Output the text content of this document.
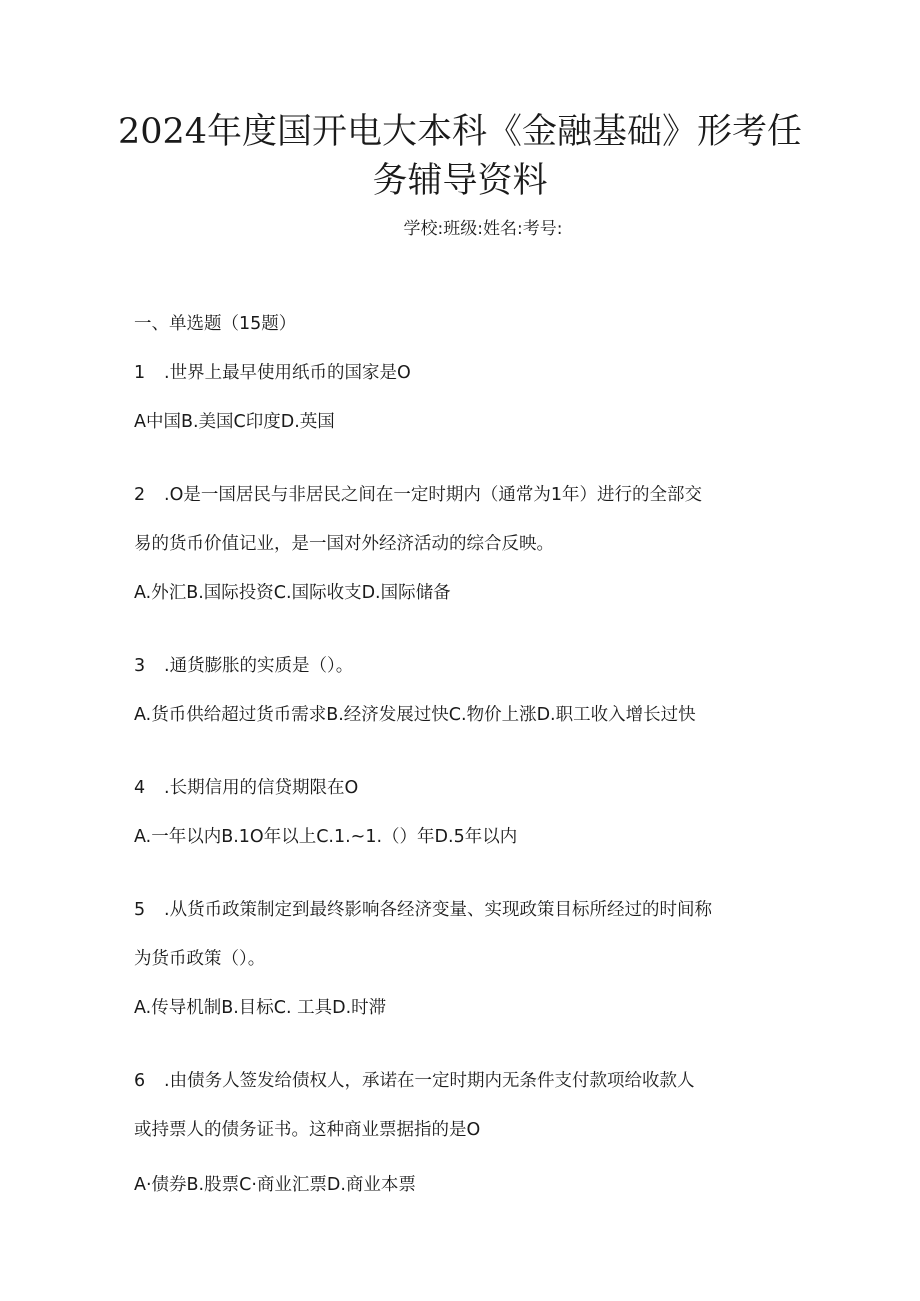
2024年度国开电大本科《金融基础》形考任
务辅导资料
学校:班级:姓名:考号:
一、单选题（15题）
1 .世界上最早使用纸币的国家是O
A中国B.美国C印度D.英国
2 .O是一国居民与非居民之间在一定时期内（通常为1年）进行的全部交
易的货币价值记业，是一国对外经济活动的综合反映。
A.外汇B.国际投资C.国际收支D.国际储备
3 .通货膨胀的实质是（）。
A.货币供给超过货币需求B.经济发展过快C.物价上涨D.职工收入增长过快
4 .长期信用的信贷期限在O
A.一年以内B.1O年以上C.1.~1.（）年D.5年以内
5 .从货币政策制定到最终影响各经济变量、实现政策目标所经过的时间称
为货币政策（）。
A.传导机制B.目标C. 工具D.时滞
6 .由债务人签发给债权人，承诺在一定时期内无条件支付款项给收款人
或持票人的债务证书。这种商业票据指的是O
A·债券B.股票C·商业汇票D.商业本票
